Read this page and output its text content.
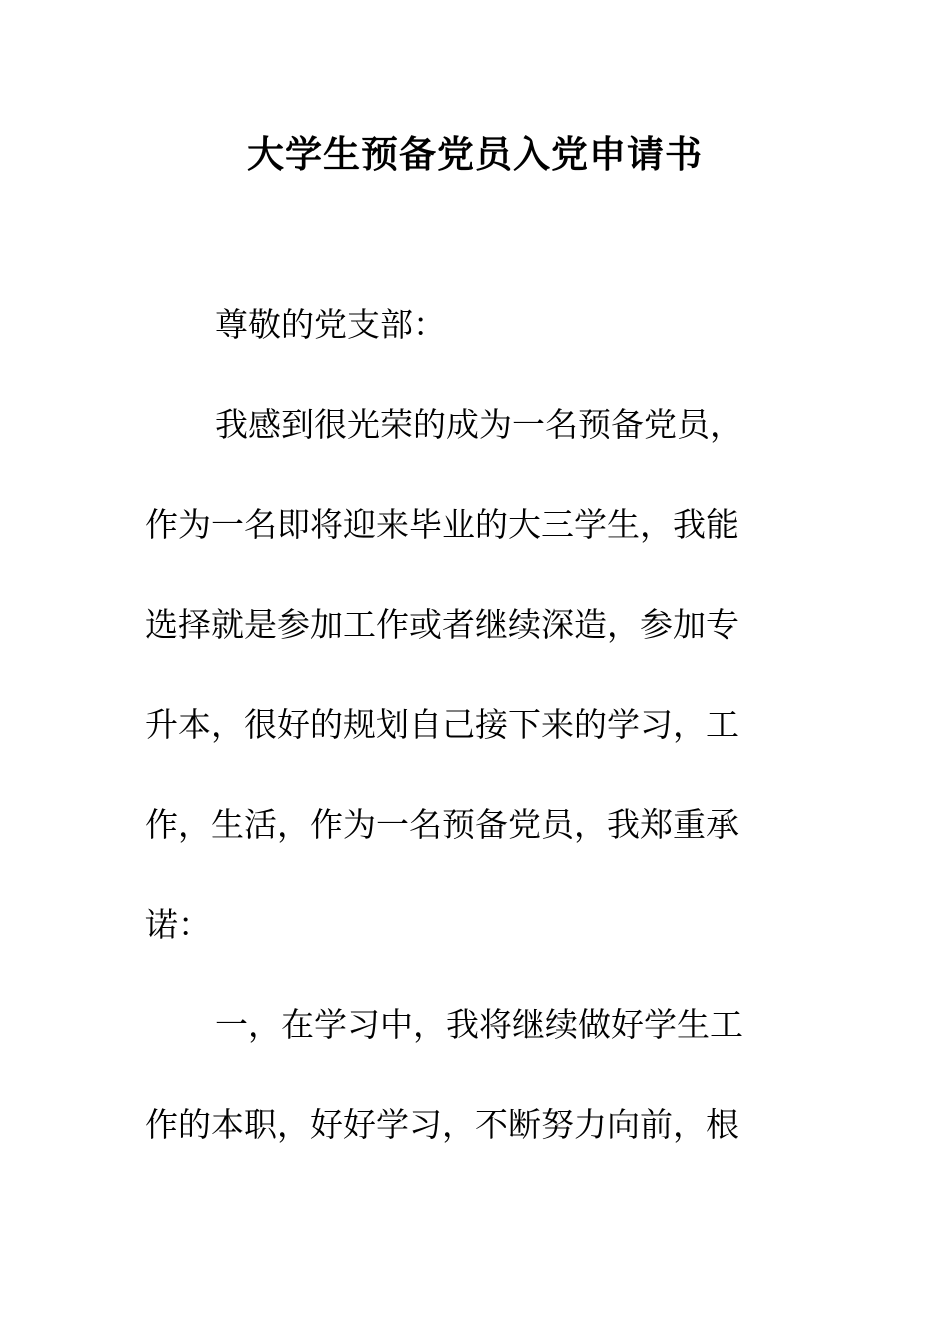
大学生预备党员入党申请书

尊敬的党支部：

我感到很光荣的成为一名预备党员，

作为一名即将迎来毕业的大三学生，我能

选择就是参加工作或者继续深造，参加专

升本，很好的规划自己接下来的学习，工

作，生活，作为一名预备党员，我郑重承

诺：

一，在学习中，我将继续做好学生工

作的本职，好好学习，不断努力向前，根
